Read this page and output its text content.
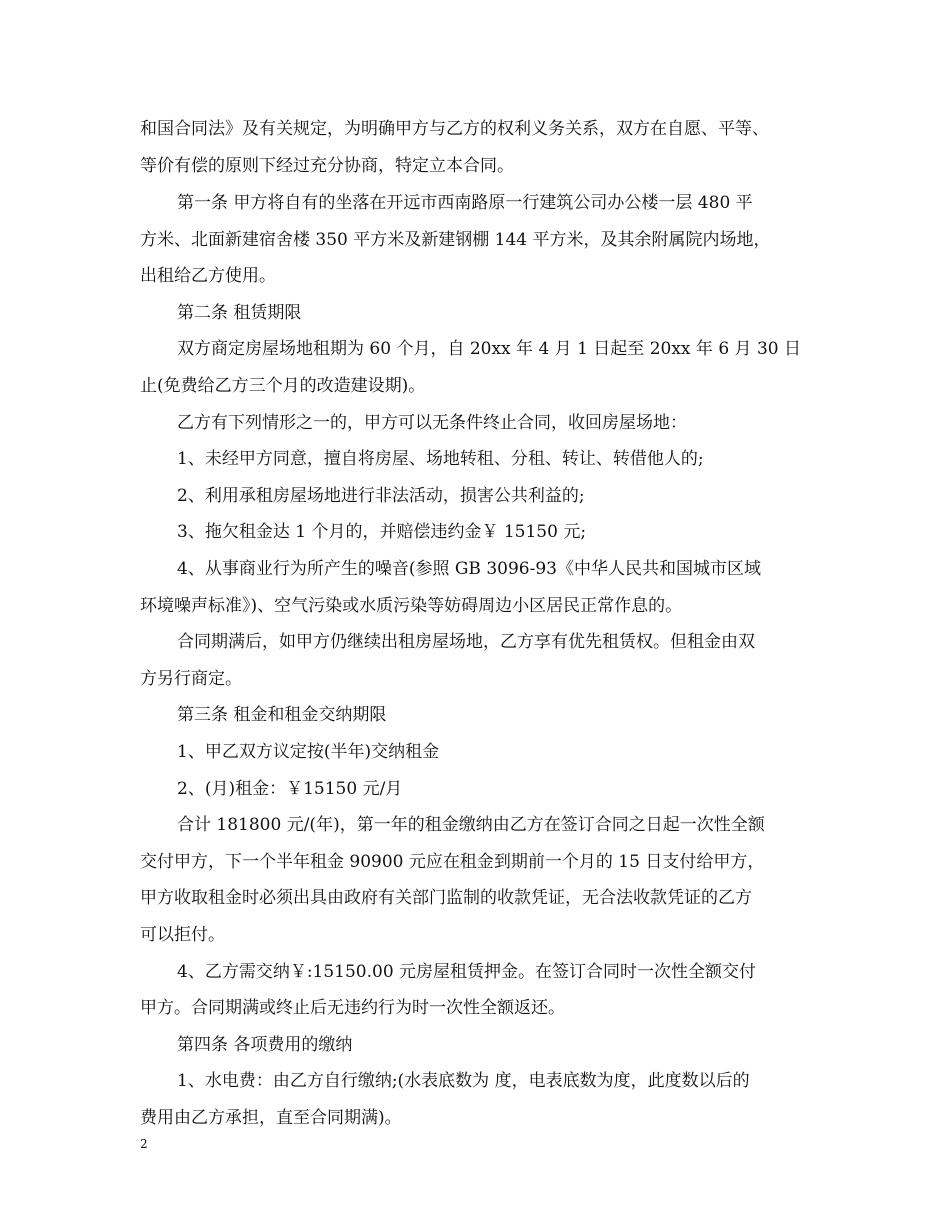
和国合同法》及有关规定，为明确甲方与乙方的权利义务关系，双方在自愿、平等、
等价有偿的原则下经过充分协商，特定立本合同。
第一条 甲方将自有的坐落在开远市西南路原一行建筑公司办公楼一层 480 平
方米、北面新建宿舍楼 350 平方米及新建钢棚 144 平方米，及其余附属院内场地，
出租给乙方使用。
第二条 租赁期限
双方商定房屋场地租期为 60 个月，自 20xx 年 4 月 1 日起至 20xx 年 6 月 30 日
止(免费给乙方三个月的改造建设期)。
乙方有下列情形之一的，甲方可以无条件终止合同，收回房屋场地：
1、未经甲方同意，擅自将房屋、场地转租、分租、转让、转借他人的;
2、利用承租房屋场地进行非法活动，损害公共利益的;
3、拖欠租金达 1 个月的，并赔偿违约金￥ 15150 元;
4、从事商业行为所产生的噪音(参照 GB 3096-93《中华人民共和国城市区域
环境噪声标准》)、空气污染或水质污染等妨碍周边小区居民正常作息的。
合同期满后，如甲方仍继续出租房屋场地，乙方享有优先租赁权。但租金由双
方另行商定。
第三条 租金和租金交纳期限
1、甲乙双方议定按(半年)交纳租金
2、(月)租金：￥15150 元/月
合计 181800 元/(年)，第一年的租金缴纳由乙方在签订合同之日起一次性全额
交付甲方，下一个半年租金 90900 元应在租金到期前一个月的 15 日支付给甲方，
甲方收取租金时必须出具由政府有关部门监制的收款凭证，无合法收款凭证的乙方
可以拒付。
4、乙方需交纳￥:15150.00 元房屋租赁押金。在签订合同时一次性全额交付
甲方。合同期满或终止后无违约行为时一次性全额返还。
第四条 各项费用的缴纳
1、水电费：由乙方自行缴纳;(水表底数为 度，电表底数为度，此度数以后的
费用由乙方承担，直至合同期满)。
2
